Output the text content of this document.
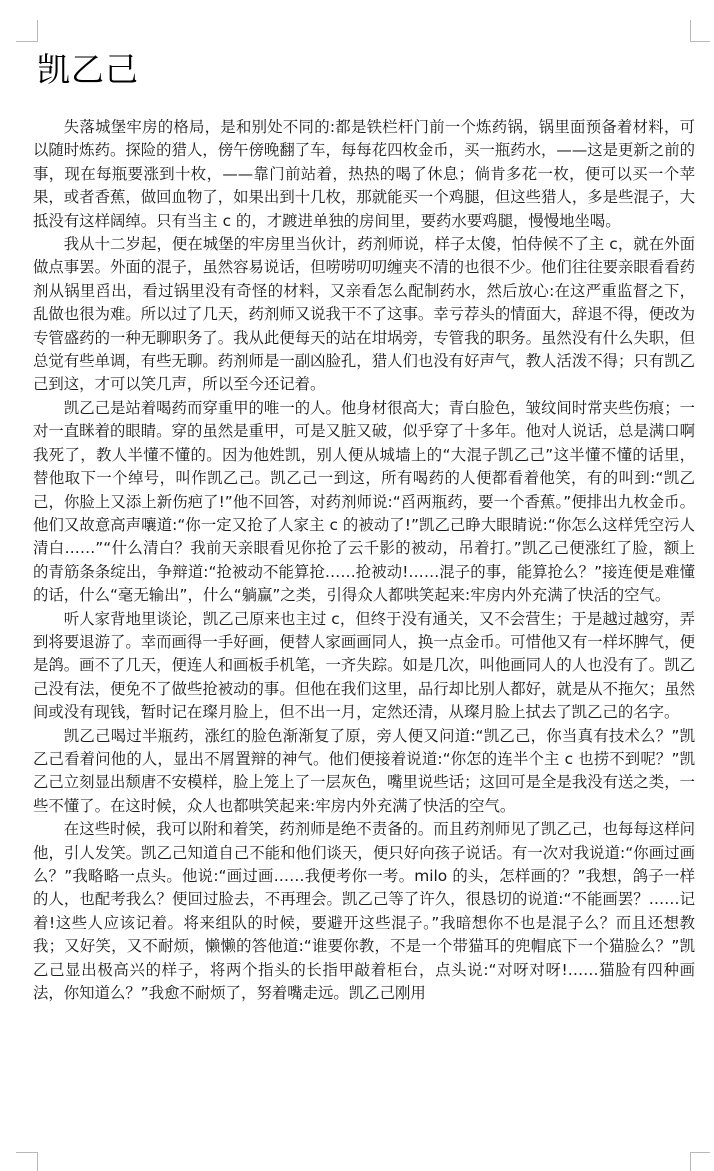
凯乙己

失落城堡牢房的格局，是和别处不同的:都是铁栏杆门前一个炼药锅，锅里面预备着材料，可以随时炼药。探险的猎人，傍午傍晚翻了车，每每花四枚金币，买一瓶药水，——这是更新之前的事，现在每瓶要涨到十枚，——靠门前站着，热热的喝了休息；倘肯多花一枚，便可以买一个苹果，或者香蕉，做回血物了，如果出到十几枚，那就能买一个鸡腿，但这些猎人，多是些混子，大抵没有这样阔绰。只有当主 c 的，才踱进单独的房间里，要药水要鸡腿，慢慢地坐喝。

我从十二岁起，便在城堡的牢房里当伙计，药剂师说，样子太傻，怕侍候不了主 c，就在外面做点事罢。外面的混子，虽然容易说话，但唠唠叨叨缠夹不清的也很不少。他们往往要亲眼看看药剂从锅里舀出，看过锅里没有奇怪的材料，又亲看怎么配制药水，然后放心:在这严重监督之下，乱做也很为难。所以过了几天，药剂师又说我干不了这事。幸亏荐头的情面大，辞退不得，便改为专管盛药的一种无聊职务了。我从此便每天的站在坩埚旁，专管我的职务。虽然没有什么失职，但总觉有些单调，有些无聊。药剂师是一副凶脸孔，猎人们也没有好声气，教人活泼不得；只有凯乙己到这，才可以笑几声，所以至今还记着。

凯乙己是站着喝药而穿重甲的唯一的人。他身材很高大；青白脸色，皱纹间时常夹些伤痕；一对一直眯着的眼睛。穿的虽然是重甲，可是又脏又破，似乎穿了十多年。他对人说话，总是满口啊我死了，教人半懂不懂的。因为他姓凯，别人便从城墙上的“大混子凯乙己”这半懂不懂的话里，替他取下一个绰号，叫作凯乙己。凯乙己一到这，所有喝药的人便都看着他笑，有的叫到:“凯乙己，你脸上又添上新伤疤了!”他不回答，对药剂师说:“舀两瓶药，要一个香蕉。”便排出九枚金币。他们又故意高声嚷道:“你一定又抢了人家主 c 的被动了!”凯乙己睁大眼睛说:“你怎么这样凭空污人清白……”“什么清白？我前天亲眼看见你抢了云千影的被动，吊着打。”凯乙己便涨红了脸，额上的青筋条条绽出，争辩道:“抢被动不能算抢……抢被动!……混子的事，能算抢么？”接连便是难懂的话，什么“毫无输出”，什么“躺赢”之类，引得众人都哄笑起来:牢房内外充满了快活的空气。

听人家背地里谈论，凯乙己原来也主过 c，但终于没有通关，又不会营生；于是越过越穷，弄到将要退游了。幸而画得一手好画，便替人家画画同人，换一点金币。可惜他又有一样坏脾气，便是鸽。画不了几天，便连人和画板手机笔，一齐失踪。如是几次，叫他画同人的人也没有了。凯乙己没有法，便免不了做些抢被动的事。但他在我们这里，品行却比别人都好，就是从不拖欠；虽然间或没有现钱，暂时记在璨月脸上，但不出一月，定然还清，从璨月脸上拭去了凯乙己的名字。

凯乙己喝过半瓶药，涨红的脸色渐渐复了原，旁人便又问道:“凯乙己，你当真有技术么？”凯乙己看着问他的人，显出不屑置辩的神气。他们便接着说道:“你怎的连半个主 c 也捞不到呢？”凯乙己立刻显出颓唐不安模样，脸上笼上了一层灰色，嘴里说些话；这回可是全是我没有送之类，一些不懂了。在这时候，众人也都哄笑起来:牢房内外充满了快活的空气。

在这些时候，我可以附和着笑，药剂师是绝不责备的。而且药剂师见了凯乙己，也每每这样问他，引人发笑。凯乙己知道自己不能和他们谈天，便只好向孩子说话。有一次对我说道:“你画过画么？”我略略一点头。他说:“画过画……我便考你一考。milo 的头，怎样画的？”我想，鸽子一样的人，也配考我么？便回过脸去，不再理会。凯乙己等了许久，很恳切的说道:“不能画罢？……记着!这些人应该记着。将来组队的时候，要避开这些混子。”我暗想你不也是混子么？而且还想教我；又好笑，又不耐烦，懒懒的答他道:“谁要你教，不是一个带猫耳的兜帽底下一个猫脸么？”凯乙己显出极高兴的样子，将两个指头的长指甲敲着柜台，点头说:“对呀对呀!……猫脸有四种画法，你知道么？”我愈不耐烦了，努着嘴走远。凯乙己刚用
